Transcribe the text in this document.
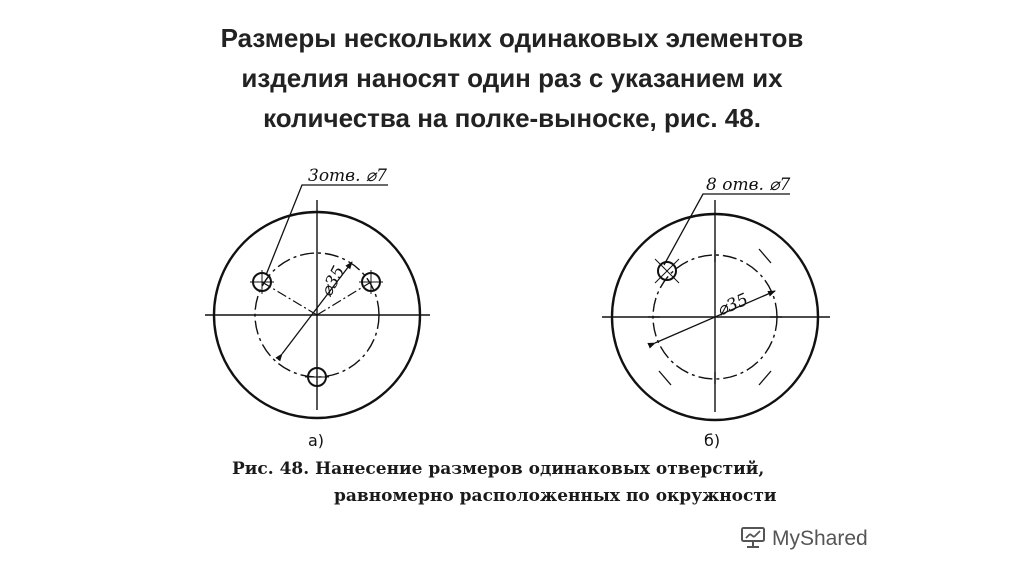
Размеры нескольких одинаковых элементов
изделия наносят один раз с указанием их
количества на полке-выноске, рис. 48.
3отв. ⌀7
⌀35
а)
8 отв. ⌀7
⌀35
б)
Рис. 48. Нанесение размеров одинаковых отверстий,
равномерно расположенных по окружности
MyShared
